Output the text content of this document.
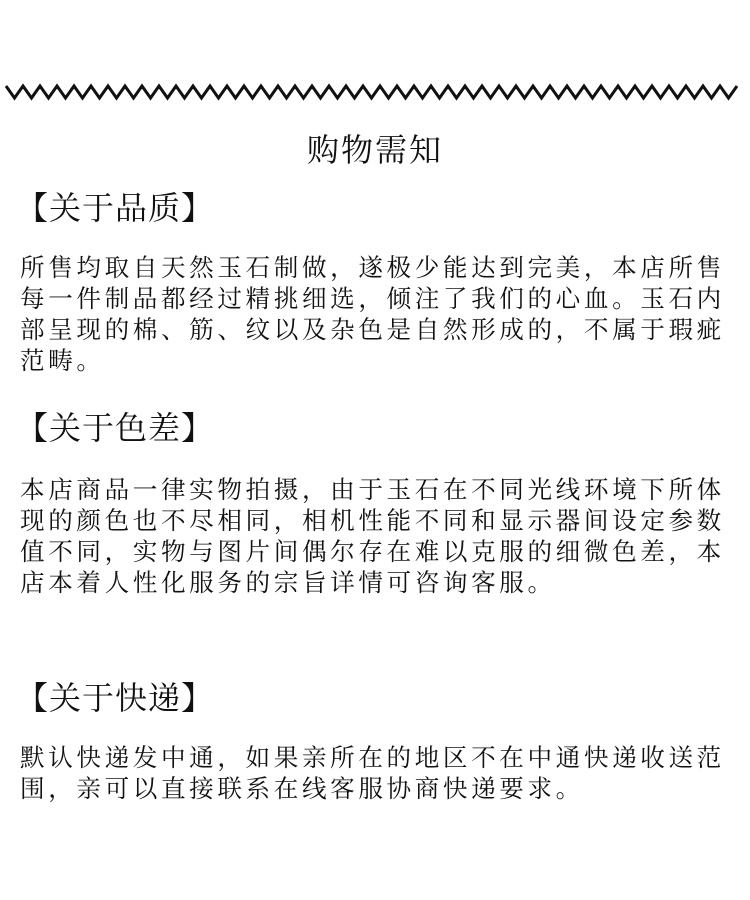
购物需知
【关于品质】
所售均取自天然玉石制做，遂极少能达到完美，本店所售每一件制品都经过精挑细选，倾注了我们的心血。玉石内部呈现的棉、筋、纹以及杂色是自然形成的，不属于瑕疵范畴。
【关于色差】
本店商品一律实物拍摄，由于玉石在不同光线环境下所体现的颜色也不尽相同，相机性能不同和显示器间设定参数值不同，实物与图片间偶尔存在难以克服的细微色差，本店本着人性化服务的宗旨详情可咨询客服。
【关于快递】
默认快递发中通，如果亲所在的地区不在中通快递收送范围，亲可以直接联系在线客服协商快递要求。
